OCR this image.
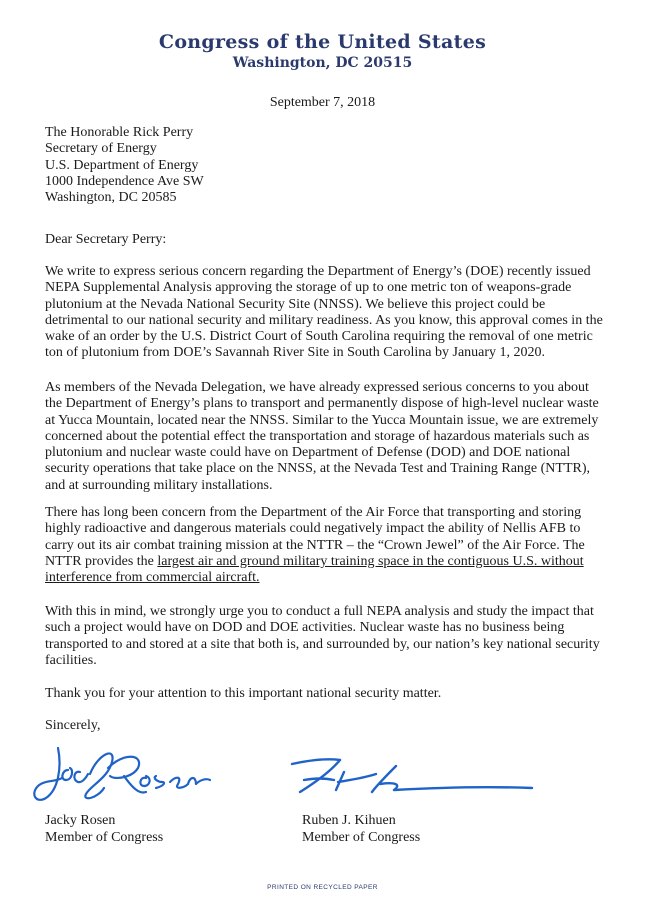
Congress of the United States
Washington, DC 20515
September 7, 2018
The Honorable Rick Perry
Secretary of Energy
U.S. Department of Energy
1000 Independence Ave SW
Washington, DC 20585
Dear Secretary Perry:
We write to express serious concern regarding the Department of Energy’s (DOE) recently issued NEPA Supplemental Analysis approving the storage of up to one metric ton of weapons-grade plutonium at the Nevada National Security Site (NNSS). We believe this project could be detrimental to our national security and military readiness. As you know, this approval comes in the wake of an order by the U.S. District Court of South Carolina requiring the removal of one metric ton of plutonium from DOE’s Savannah River Site in South Carolina by January 1, 2020.
As members of the Nevada Delegation, we have already expressed serious concerns to you about the Department of Energy’s plans to transport and permanently dispose of high-level nuclear waste at Yucca Mountain, located near the NNSS. Similar to the Yucca Mountain issue, we are extremely concerned about the potential effect the transportation and storage of hazardous materials such as plutonium and nuclear waste could have on Department of Defense (DOD) and DOE national security operations that take place on the NNSS, at the Nevada Test and Training Range (NTTR), and at surrounding military installations.
There has long been concern from the Department of the Air Force that transporting and storing highly radioactive and dangerous materials could negatively impact the ability of Nellis AFB to carry out its air combat training mission at the NTTR – the “Crown Jewel” of the Air Force. The NTTR provides the largest air and ground military training space in the contiguous U.S. without interference from commercial aircraft.
With this in mind, we strongly urge you to conduct a full NEPA analysis and study the impact that such a project would have on DOD and DOE activities. Nuclear waste has no business being transported to and stored at a site that both is, and surrounded by, our nation’s key national security facilities.
Thank you for your attention to this important national security matter.
Sincerely,
Jacky Rosen
Member of Congress
Ruben J. Kihuen
Member of Congress
PRINTED ON RECYCLED PAPER
